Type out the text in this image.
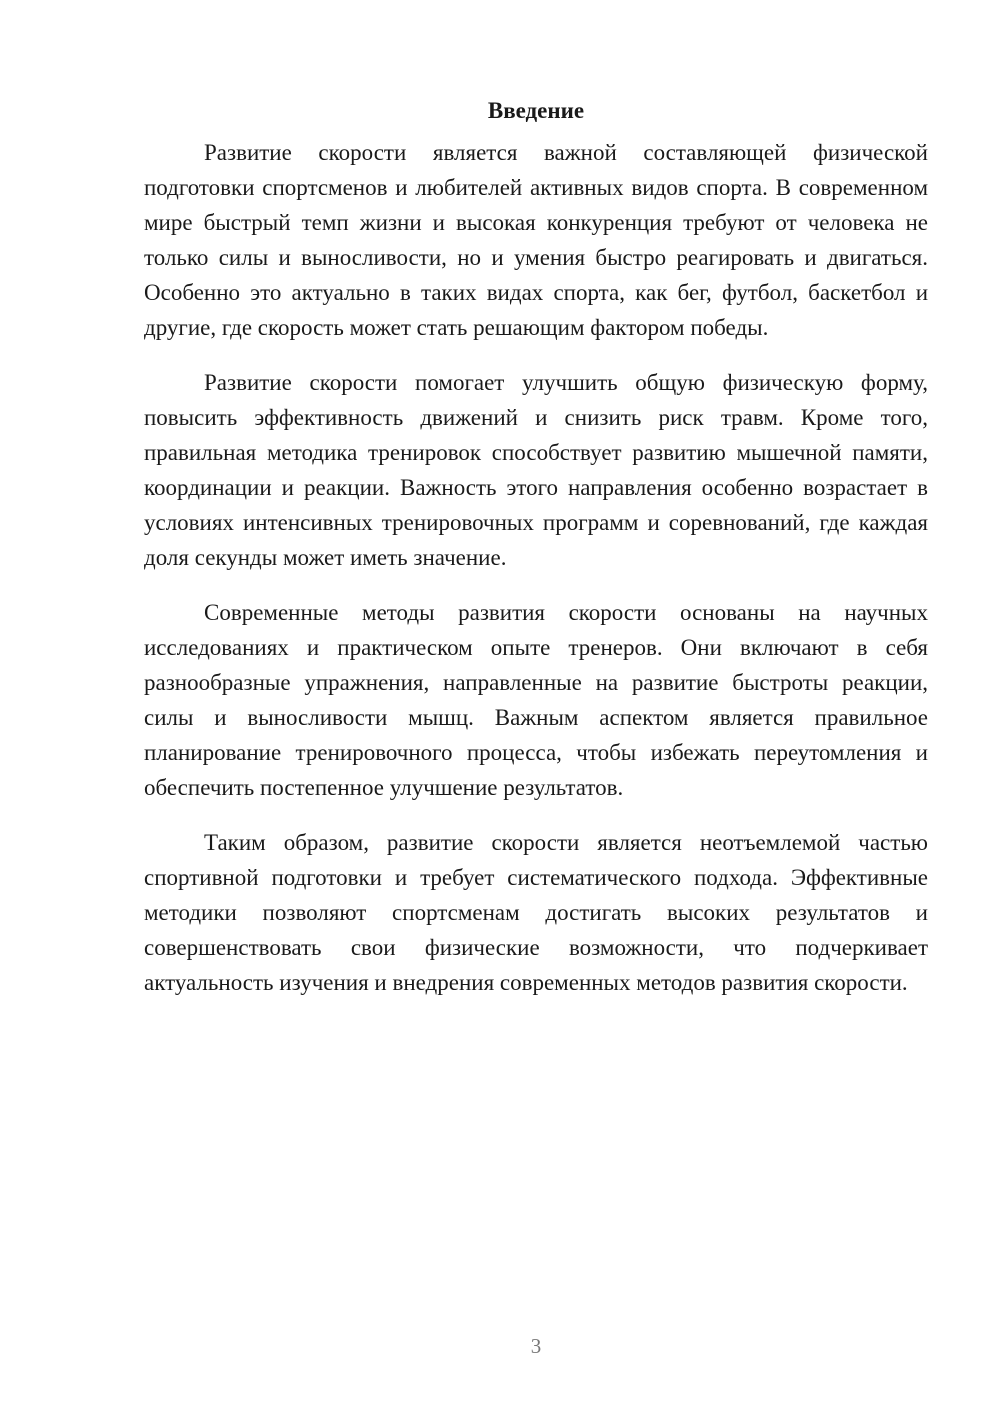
Введение

Развитие скорости является важной составляющей физической подготовки спортсменов и любителей активных видов спорта. В современном мире быстрый темп жизни и высокая конкуренция требуют от человека не только силы и выносливости, но и умения быстро реагировать и двигаться. Особенно это актуально в таких видах спорта, как бег, футбол, баскетбол и другие, где скорость может стать решающим фактором победы.

Развитие скорости помогает улучшить общую физическую форму, повысить эффективность движений и снизить риск травм. Кроме того, правильная методика тренировок способствует развитию мышечной памяти, координации и реакции. Важность этого направления особенно возрастает в условиях интенсивных тренировочных программ и соревнований, где каждая доля секунды может иметь значение.

Современные методы развития скорости основаны на научных исследованиях и практическом опыте тренеров. Они включают в себя разнообразные упражнения, направленные на развитие быстроты реакции, силы и выносливости мышц. Важным аспектом является правильное планирование тренировочного процесса, чтобы избежать переутомления и обеспечить постепенное улучшение результатов.

Таким образом, развитие скорости является неотъемлемой частью спортивной подготовки и требует систематического подхода. Эффективные методики позволяют спортсменам достигать высоких результатов и совершенствовать свои физические возможности, что подчеркивает актуальность изучения и внедрения современных методов развития скорости.

3
